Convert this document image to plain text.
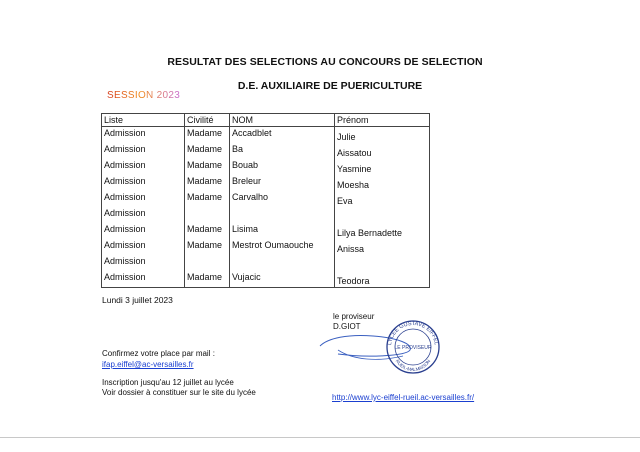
RESULTAT DES SELECTIONS AU CONCOURS DE SELECTION
D.E. AUXILIAIRE DE PUERICULTURE
SESSION 2023
Liste	Civilité	NOM	Prénom
Admission	Madame	Accadblet	Julie
Admission	Madame	Ba	Aissatou
Admission	Madame	Bouab	Yasmine
Admission	Madame	Breleur	Moesha
Admission	Madame	Carvalho	Eva
Admission			
Admission	Madame	Lisima	Lilya Bernadette
Admission	Madame	Mestrot Oumaouche	Anissa
Admission			
Admission	Madame	Vujacic	Teodora
Lundi 3 juillet 2023
le proviseur
D.GIOT
LYCÉE GUSTAVE EIFFEL
RUEIL-MALMAISON
LE PROVISEUR
Confirmez votre place par mail :
ifap.eiffel@ac-versailles.fr
Inscription jusqu'au 12 juillet au lycée
Voir dossier à constituer sur le site du lycée
http://www.lyc-eiffel-rueil.ac-versailles.fr/
